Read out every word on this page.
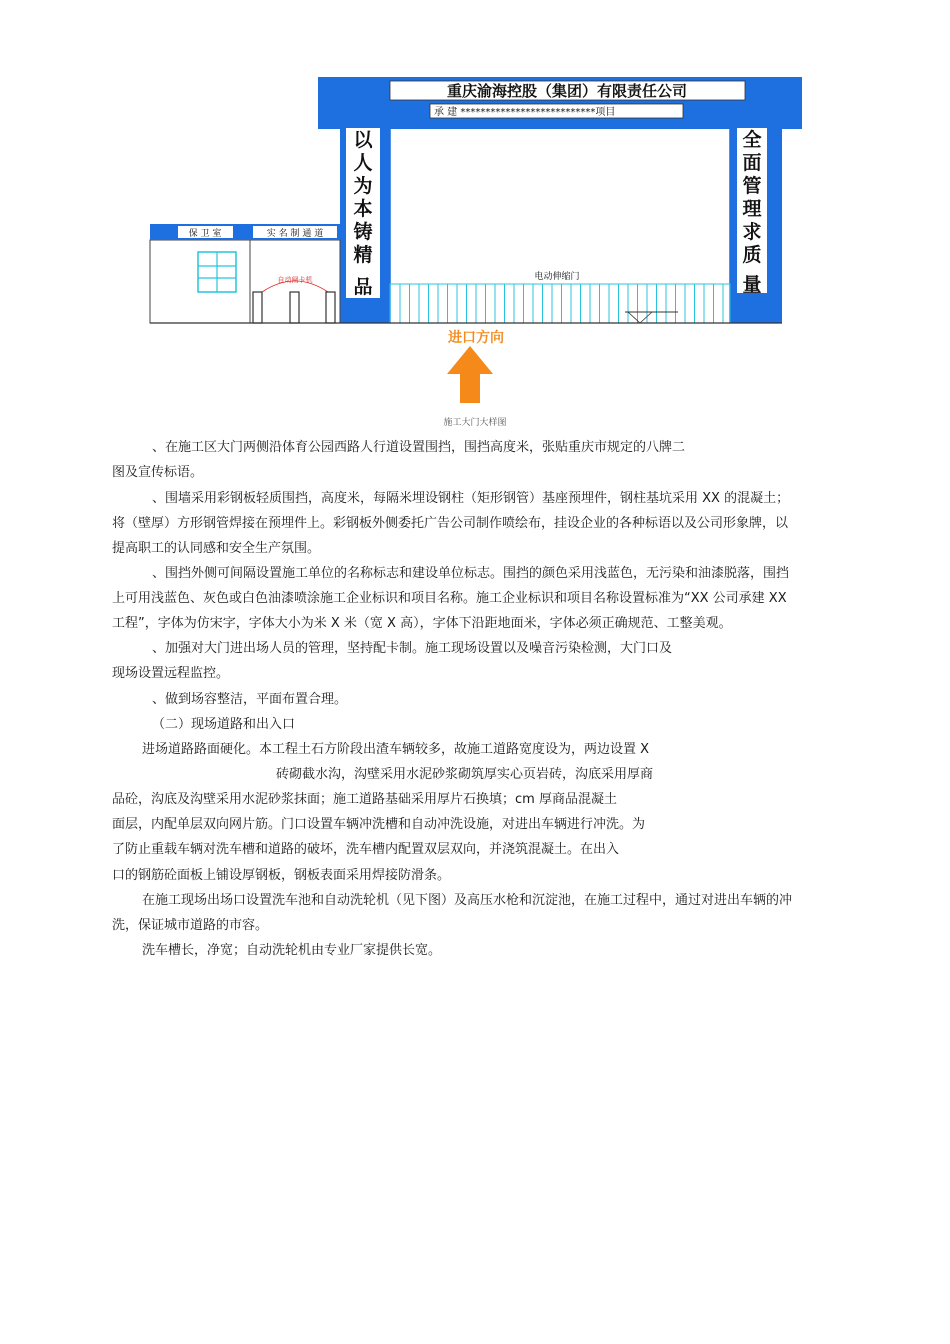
重庆渝海控股（集团）有限责任公司
承 建 ***************************项目
以
人
为
本
铸
精
品
全
面
管
理
求
质
量
电动伸缩门
保 卫 室	实 名 制 通 道
自动闸卡机
进口方向
施工大门大样图
、在施工区大门两侧沿体育公园西路人行道设置围挡，围挡高度米，张贴重庆市规定的八牌二
图及宣传标语。
、围墙采用彩钢板轻质围挡，高度米，每隔米埋设钢柱（矩形钢管）基座预埋件，钢柱基坑采用 XX 的混凝土；
将（壁厚）方形钢管焊接在预埋件上。彩钢板外侧委托广告公司制作喷绘布，挂设企业的各种标语以及公司形象牌，以
提高职工的认同感和安全生产氛围。
、围挡外侧可间隔设置施工单位的名称标志和建设单位标志。围挡的颜色采用浅蓝色，无污染和油漆脱落，围挡
上可用浅蓝色、灰色或白色油漆喷涂施工企业标识和项目名称。施工企业标识和项目名称设置标准为“XX 公司承建 XX
工程”，字体为仿宋字，字体大小为米 X 米（宽 X 高），字体下沿距地面米，字体必须正确规范、工整美观。
、加强对大门进出场人员的管理，坚持配卡制。施工现场设置以及噪音污染检测，大门口及
现场设置远程监控。
、做到场容整洁，平面布置合理。
（二）现场道路和出入口
进场道路路面硬化。本工程土石方阶段出渣车辆较多，故施工道路宽度设为，两边设置 X
砖砌截水沟，沟壁采用水泥砂浆砌筑厚实心页岩砖，沟底采用厚商
品砼，沟底及沟壁采用水泥砂浆抹面；施工道路基础采用厚片石换填；cm 厚商品混凝土
面层，内配单层双向网片筋。门口设置车辆冲洗槽和自动冲洗设施，对进出车辆进行冲洗。为
了防止重载车辆对洗车槽和道路的破坏，洗车槽内配置双层双向，并浇筑混凝土。在出入
口的钢筋砼面板上铺设厚钢板，钢板表面采用焊接防滑条。
在施工现场出场口设置洗车池和自动洗轮机（见下图）及高压水枪和沉淀池，在施工过程中，通过对进出车辆的冲
洗，保证城市道路的市容。
洗车槽长，净宽；自动洗轮机由专业厂家提供长宽。
